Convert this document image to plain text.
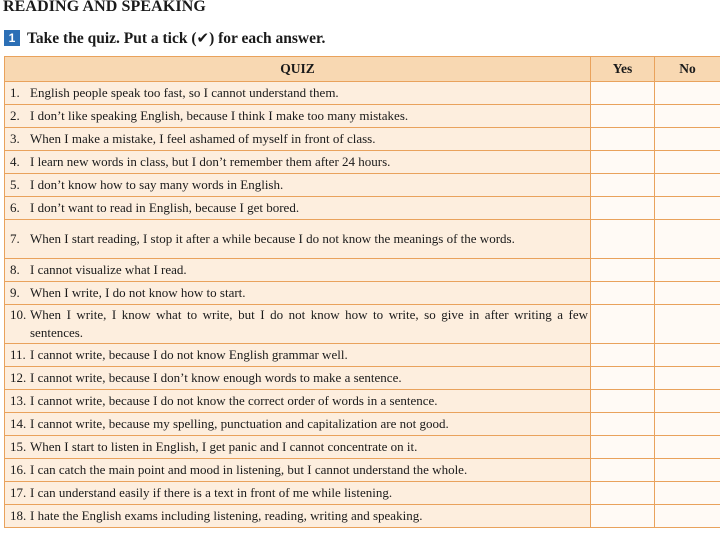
READING AND SPEAKING
1 Take the quiz. Put a tick (✔) for each answer.
QUIZ	Yes	No

1. English people speak too fast, so I cannot understand them.		

2. I don’t like speaking English, because I think I make too many mistakes.		

3. When I make a mistake, I feel ashamed of myself in front of class.		

4. I learn new words in class, but I don’t remember them after 24 hours.		

5. I don’t know how to say many words in English.		

6. I don’t want to read in English, because I get bored.		

7. When I start reading, I stop it after a while because I do not know the meanings of the words.		

8. I cannot visualize what I read.		

9. When I write, I do not know how to start.		

10. When I write, I know what to write, but I do not know how to write, so give in after writing a few sentences.		

11. I cannot write, because I do not know English grammar well.		

12. I cannot write, because I don’t know enough words to make a sentence.		

13. I cannot write, because I do not know the correct order of words in a sentence.		

14. I cannot write, because my spelling, punctuation and capitalization are not good.		

15. When I start to listen in English, I get panic and I cannot concentrate on it.		

16. I can catch the main point and mood in listening, but I cannot understand the whole.		

17. I can understand easily if there is a text in front of me while listening.		

18. I hate the English exams including listening, reading, writing and speaking.		
